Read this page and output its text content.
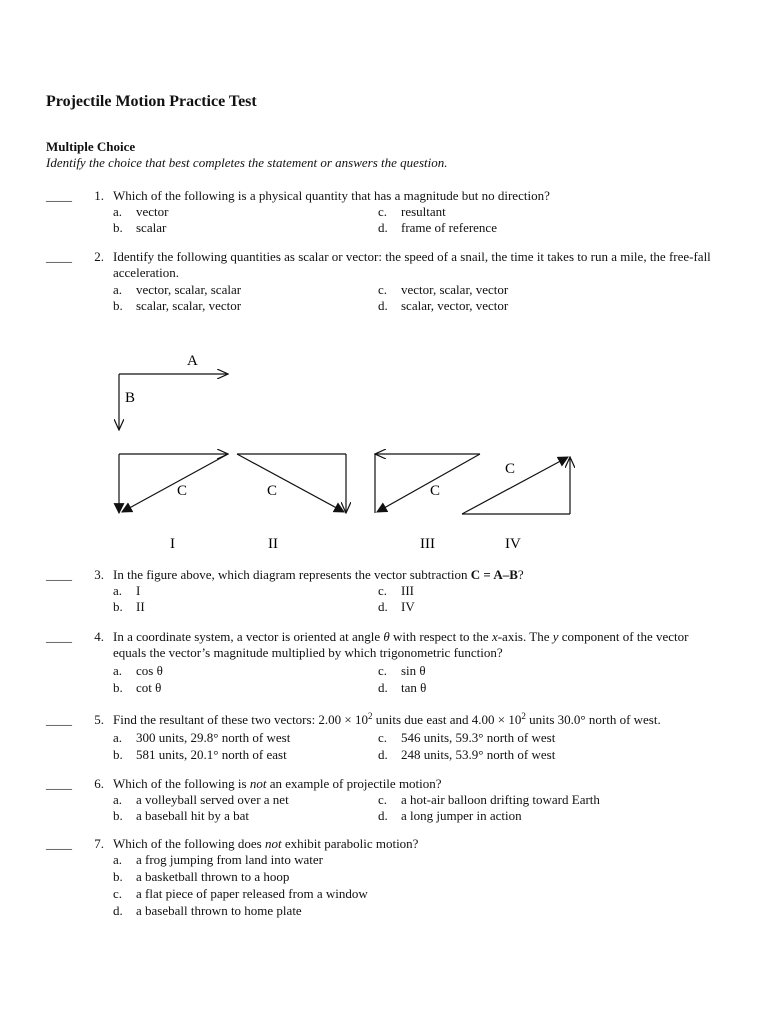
Projectile Motion Practice Test
Multiple Choice
Identify the choice that best completes the statement or answers the question.
____	1. Which of the following is a physical quantity that has a magnitude but no direction?
a. vector
b. scalar
c. resultant
d. frame of reference
____	2. Identify the following quantities as scalar or vector: the speed of a snail, the time it takes to run a mile, the free-fall acceleration.
a. vector, scalar, scalar
b. scalar, scalar, vector
c. vector, scalar, vector
d. scalar, vector, vector
A
B
C
I
C
II
C
III
C
IV
____	3. In the figure above, which diagram represents the vector subtraction C = A–B?
a. I
b. II
c. III
d. IV
____	4. In a coordinate system, a vector is oriented at angle θ with respect to the x-axis. The y component of the vector equals the vector’s magnitude multiplied by which trigonometric function?
a. cos θ
b. cot θ
c. sin θ
d. tan θ
____	5. Find the resultant of these two vectors: $2.00 \times 10^2$ units due east and $4.00 \times 10^2$ units 30.0° north of west.
a. 300 units, 29.8° north of west
b. 581 units, 20.1° north of east
c. 546 units, 59.3° north of west
d. 248 units, 53.9° north of west
____	6. Which of the following is not an example of projectile motion?
a. a volleyball served over a net
b. a baseball hit by a bat
c. a hot-air balloon drifting toward Earth
d. a long jumper in action
____	7. Which of the following does not exhibit parabolic motion?
a. a frog jumping from land into water
b. a basketball thrown to a hoop
c. a flat piece of paper released from a window
d. a baseball thrown to home plate
